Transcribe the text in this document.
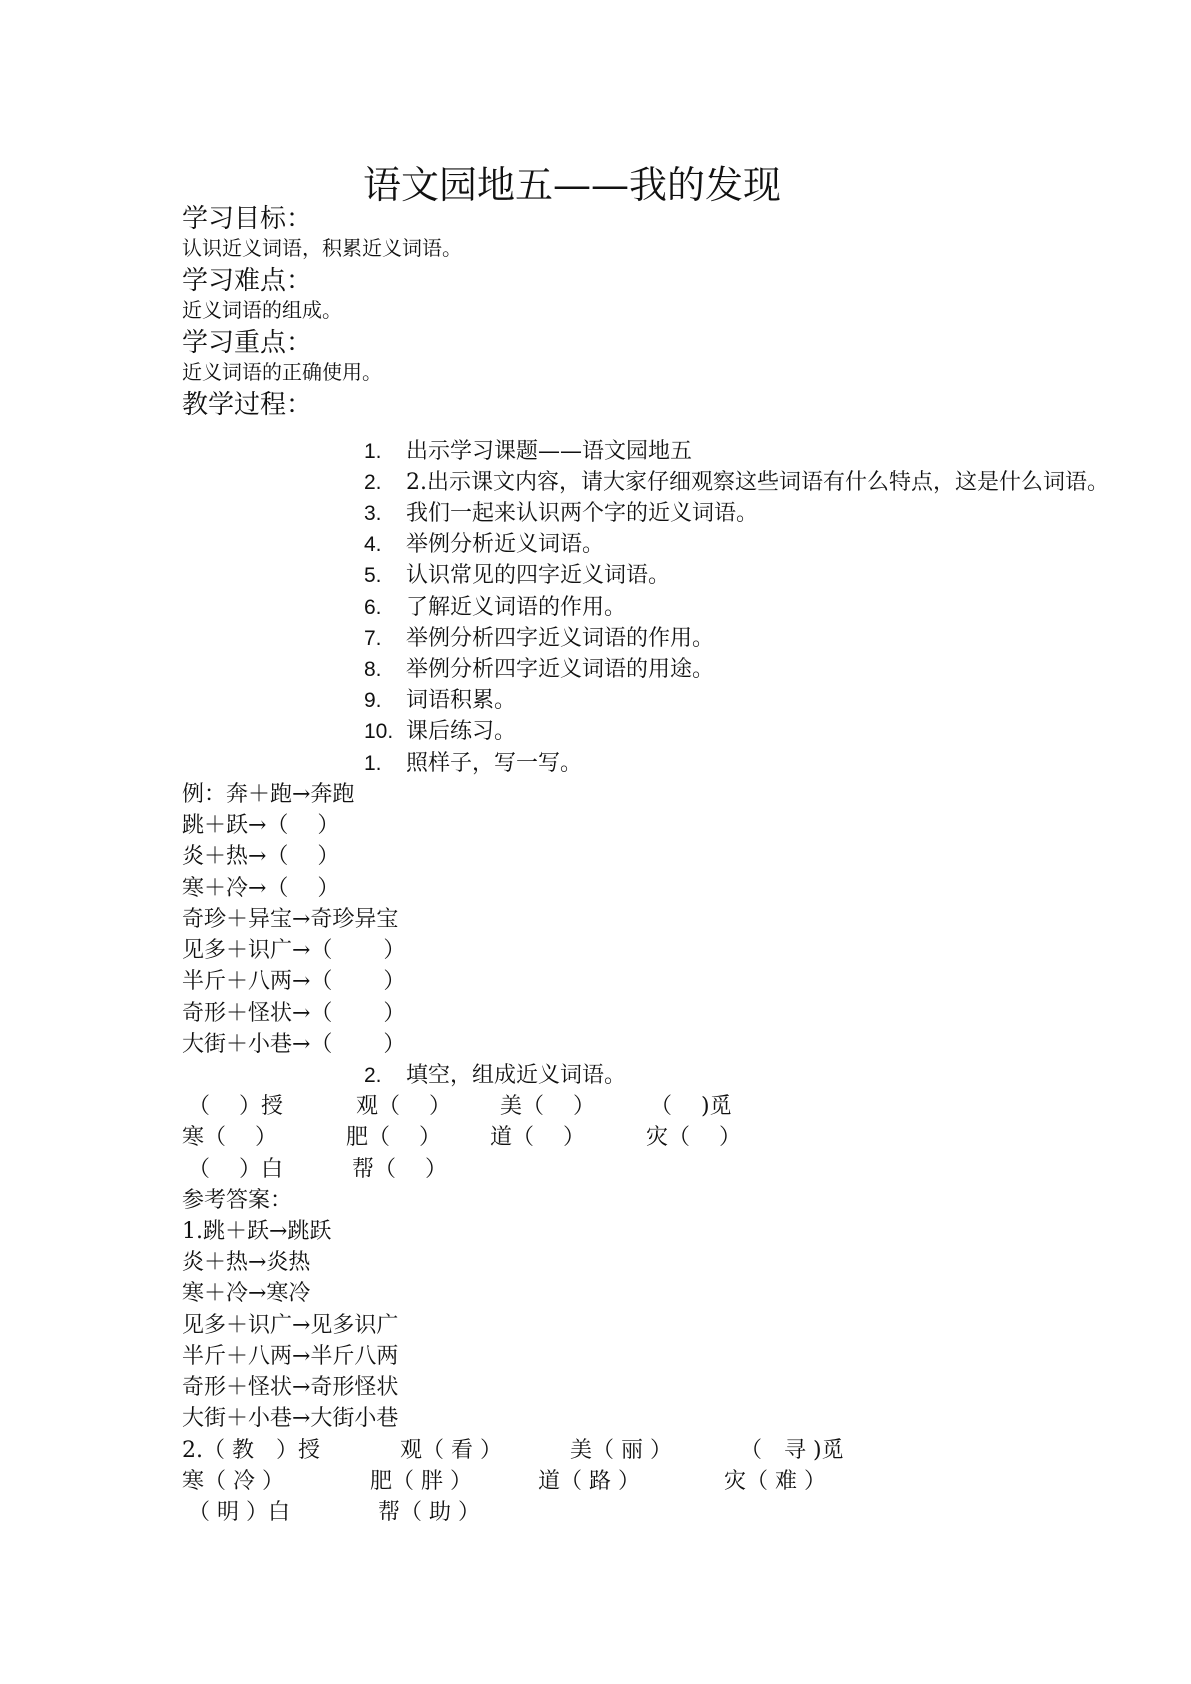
语文园地五——我的发现
学习目标：

认识近义词语，积累近义词语。

学习难点：

近义词语的组成。

学习重点：

近义词语的正确使用。

教学过程：
1.	出示学习课题——语文园地五
2.	2.出示课文内容，请大家仔细观察这些词语有什么特点，这是什么词语。
3.	我们一起来认识两个字的近义词语。
4.	举例分析近义词语。
5.	认识常见的四字近义词语。
6.	了解近义词语的作用。
7.	举例分析四字近义词语的作用。
8.	举例分析四字近义词语的用途。
9.	词语积累。
10. 课后练习。
1.	照样子，写一写。
例：奔＋跑→奔跑
跳＋跃→（　 ）
炎＋热→（　 ）
寒＋冷→（　 ）
奇珍＋异宝→奇珍异宝
见多＋识广→（　　 ）
半斤＋八两→（　　 ）
奇形＋怪状→（　　 ）
大街＋小巷→（　　 ）
2.	填空，组成近义词语。
（　 ）授	观（　 ） 美（　 ）	（　 )觅
寒（　 ）	肥（　 ） 道（　 ）	灾（　 ）
（　 ）白	帮（　 ）
参考答案：
1.跳＋跃→跳跃
炎＋热→炎热
寒＋冷→寒冷
见多＋识广→见多识广
半斤＋八两→半斤八两
奇形＋怪状→奇形怪状
大街＋小巷→大街小巷
2.（ 教　）授	观（ 看 ）	美（ 丽 ）	（　寻 )觅
寒（ 冷 ）	肥（ 胖 ）	道（ 路 ）	灾（ 难 ）
（ 明 ）白	帮（ 助 ）
